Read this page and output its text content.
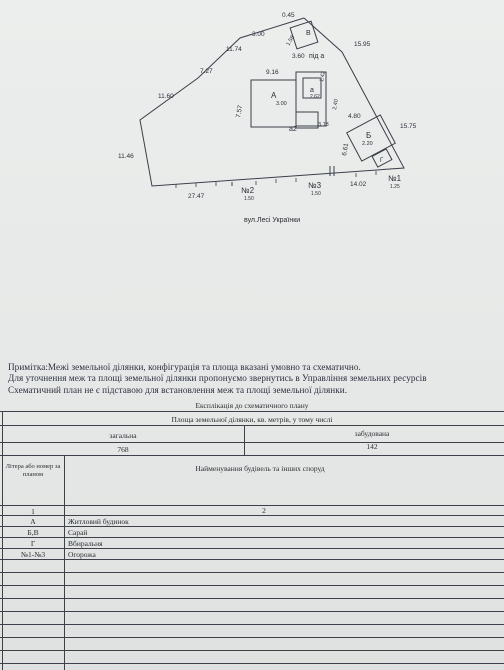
0.45
3.00
11.74
15.95
7.27	9.16
11.60
7.57	4.80
15.75
11.46
6.61
27.47
14.02
3.60
А
3.00
Б
2.20
В
Г
а
а2
під а
2.62
3.18
2.40
1.42
1.58
№1
1.25
№2
1.50
№3
1.50
вул.Лесі Українки
Примітка:Межі земельної ділянки, конфігурація та площа вказані умовно та схематично.
Для уточнення меж та площі земельної ділянки пропонуємо звернутись в Управління земельних ресурсів
Схематичний план не є підставою для встановлення меж та площі земельної ділянки.
Експлікація до схематичного плану
Площа земельної ділянки, кв. метрів, у тому числі
загальна	забудована
768	142
Літера або номер за планом
Найменування будівель та інших споруд
1	2
А	Житловий будинок
Б,В	Сарай
Г	Вбиральня
№1-№3	Огорожа
